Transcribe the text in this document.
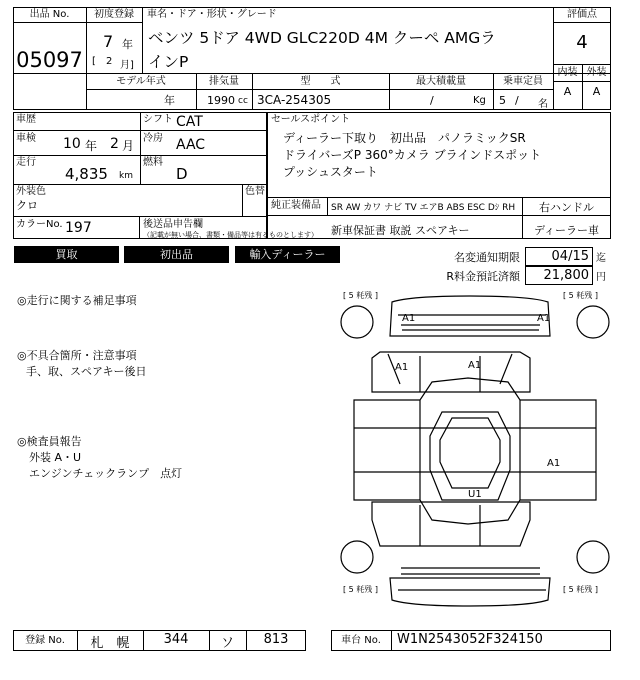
出品 No.
05097
初度登録
7 年
[ 2 月]
車名・ドア・形状・グレード
ベンツ 5ドア 4WD GLC220D 4M クーペ AMGラ
インP
評価点
4
内装 外装
A	A
モデル年式
年
排気量
1990 cc
型　　式
3CA-254305
最大積載量
/	Kg
乗車定員
5 / 名
車歴
車検 10 年 2 月
走行
4,835 km
シフト CAT
冷房 AAC
燃料
D
外装色
クロ
色替
カラーNo. 197	後送品申告欄
（記載が無い場合、書類・備品等は有るものとします）
セールスポイント
ディーラー下取り　初出品　パノラミックSR
ドライバーズP 360°カメラ ブラインドスポット
プッシュスタート
純正装備品 SR AW カワ ナビ TV エアB ABS ESC Dｼ RH	右ハンドル
新車保証書 取説 スペアキー	ディーラー車
買取	初出品	輸入ディーラー	名変通知期限	04/15 迄
R料金預託済額	21,800 円
◎走行に関する補足事項
◎不具合箇所・注意事項
手、取、スペアキー後日
◎検査員報告
外装 A・U
エンジンチェックランプ　点灯
[ 5 粍残 ]	[ 5 粍残 ]
[ 5 粍残 ]	[ 5 粍残 ]
A1	A1
A1	A1
A1
U1
登録 No.	札　幌	344	ソ	813	車台 No.	W1N2543052F324150
